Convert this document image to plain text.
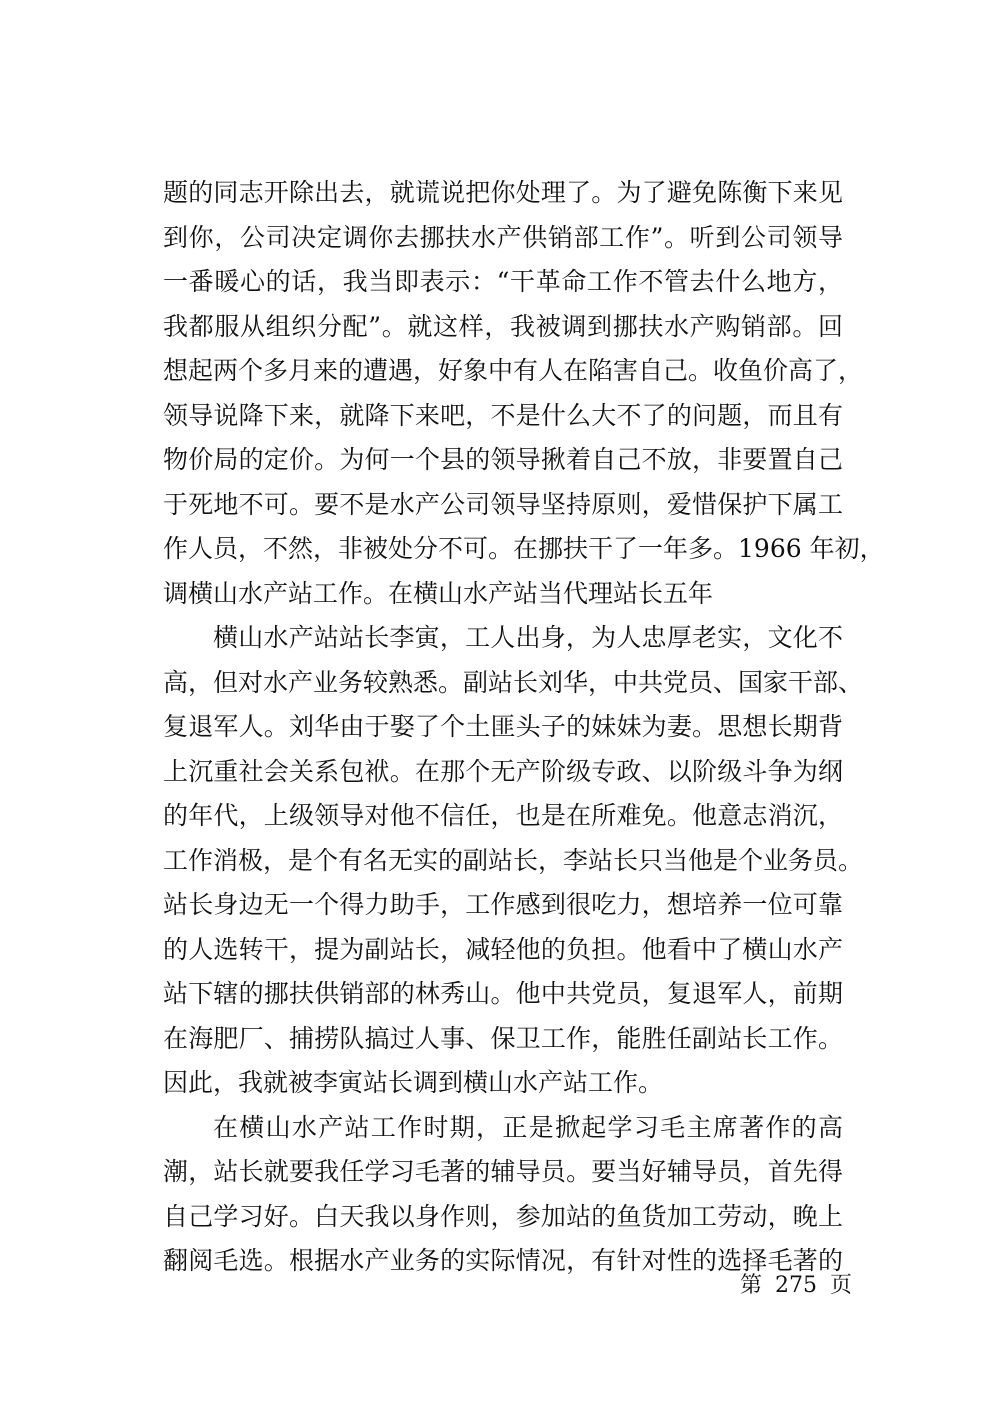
题的同志开除出去，就谎说把你处理了。为了避免陈衡下来见
到你，公司决定调你去挪扶水产供销部工作”。听到公司领导
一番暖心的话，我当即表示：“干革命工作不管去什么地方，
我都服从组织分配”。就这样，我被调到挪扶水产购销部。回
想起两个多月来的遭遇，好象中有人在陷害自己。收鱼价高了，
领导说降下来，就降下来吧，不是什么大不了的问题，而且有
物价局的定价。为何一个县的领导揪着自己不放，非要置自己
于死地不可。要不是水产公司领导坚持原则，爱惜保护下属工
作人员，不然，非被处分不可。在挪扶干了一年多。1966 年初，
调横山水产站工作。在横山水产站当代理站长五年
横山水产站站长李寅，工人出身，为人忠厚老实，文化不
高，但对水产业务较熟悉。副站长刘华，中共党员、国家干部、
复退军人。刘华由于娶了个土匪头子的妹妹为妻。思想长期背
上沉重社会关系包袱。在那个无产阶级专政、以阶级斗争为纲
的年代，上级领导对他不信任，也是在所难免。他意志消沉，
工作消极，是个有名无实的副站长，李站长只当他是个业务员。
站长身边无一个得力助手，工作感到很吃力，想培养一位可靠
的人选转干，提为副站长，减轻他的负担。他看中了横山水产
站下辖的挪扶供销部的林秀山。他中共党员，复退军人，前期
在海肥厂、捕捞队搞过人事、保卫工作，能胜任副站长工作。
因此，我就被李寅站长调到横山水产站工作。
在横山水产站工作时期，正是掀起学习毛主席著作的高
潮，站长就要我任学习毛著的辅导员。要当好辅导员，首先得
自己学习好。白天我以身作则，参加站的鱼货加工劳动，晚上
翻阅毛选。根据水产业务的实际情况，有针对性的选择毛著的
第 275 页
